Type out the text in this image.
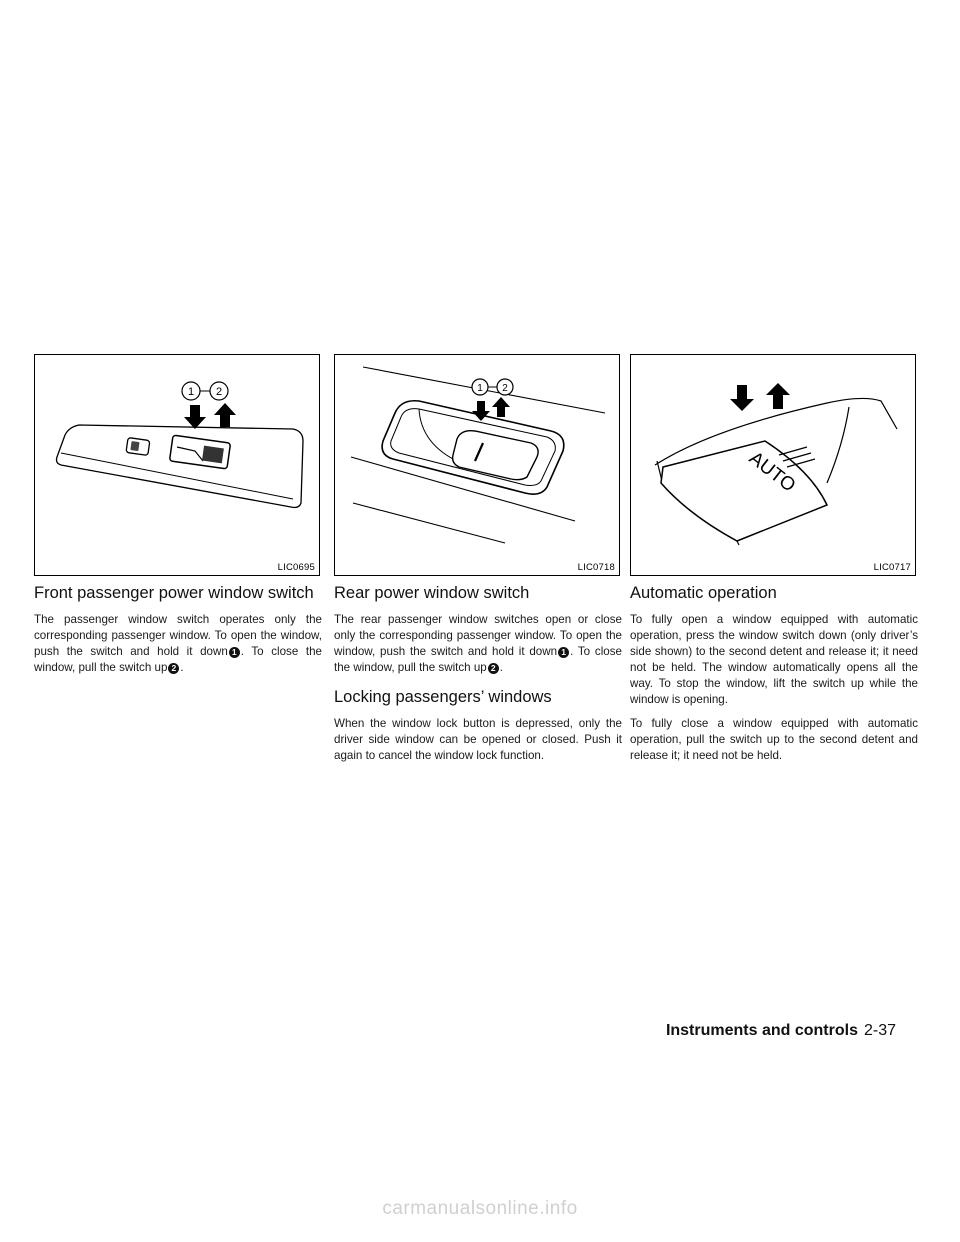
1 2
LIC0695
Front passenger power window switch

The passenger window switch operates only the corresponding passenger window. To open the window, push the switch and hold it down 1 . To close the window, pull the switch up 2 .

1 2
LIC0718
Rear power window switch

The rear passenger window switches open or close only the corresponding passenger window. To open the window, push the switch and hold it down 1 . To close the window, pull the switch up 2 .

Locking passengers’ windows

When the window lock button is depressed, only the driver side window can be opened or closed. Push it again to cancel the window lock function.

AUTO
LIC0717
Automatic operation

To fully open a window equipped with automatic operation, press the window switch down (only driver’s side shown) to the second detent and release it; it need not be held. The window automatically opens all the way. To stop the window, lift the switch up while the window is opening.

To fully close a window equipped with automatic operation, pull the switch up to the second detent and release it; it need not be held.

Instruments and controls 2-37
carmanualsonline.info
